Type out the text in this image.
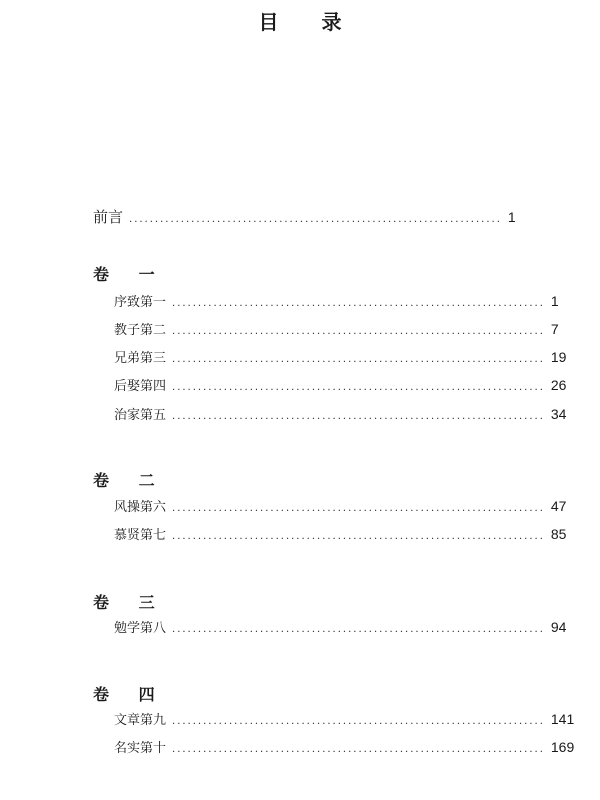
目 录
前言 ........................................................................ 1
卷 一
序致第一 ........................................................................ 1
教子第二 ........................................................................ 7
兄弟第三 ........................................................................ 19
后娶第四 ........................................................................ 26
治家第五 ........................................................................ 34
卷 二
风操第六 ........................................................................ 47
慕贤第七 ........................................................................ 85
卷 三
勉学第八 ........................................................................ 94
卷 四
文章第九 ........................................................................ 141
名实第十 ........................................................................ 169
